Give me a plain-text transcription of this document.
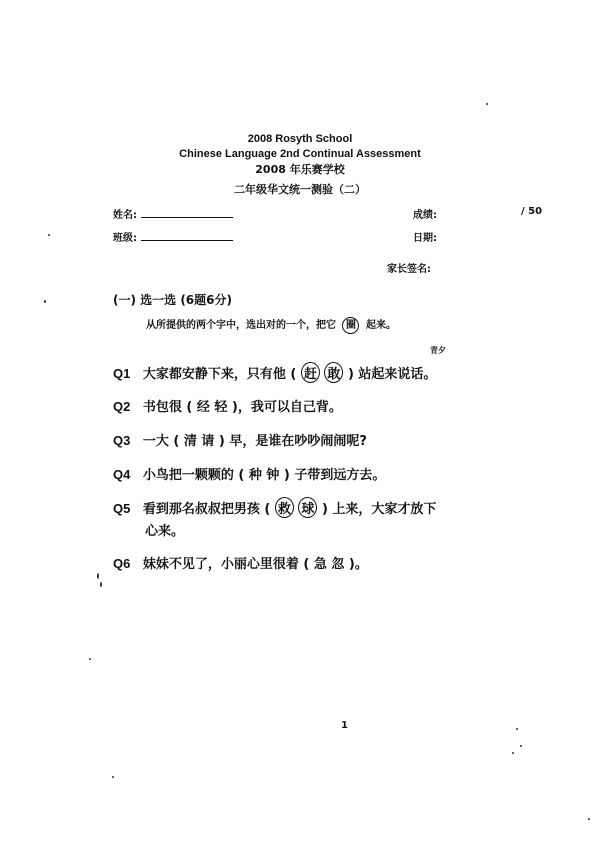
2008 Rosyth School
Chinese Language 2nd Continual Assessment
2008 年乐赛学校
二年级华文统一测验（二）
姓名:
班级:
成绩:	/ 50
日期:
家长签名:
(一) 选一选 (6题6分)
从所提供的两个字中，选出对的一个，把它 圈 起来。
青夕
Q1 大家都安静下来，只有他 ( 赶 敢 ) 站起来说话。
Q2 书包很 ( 经 轻 )，我可以自己背。
Q3 一大 ( 清 请 ) 早，是谁在吵吵闹闹呢?
Q4 小鸟把一颗颗的 ( 种 钟 ) 子带到远方去。
Q5 看到那名叔叔把男孩 ( 救 球 ) 上来，大家才放下
心来。
Q6 妹妹不见了，小丽心里很着 ( 急 忽 )。
1
